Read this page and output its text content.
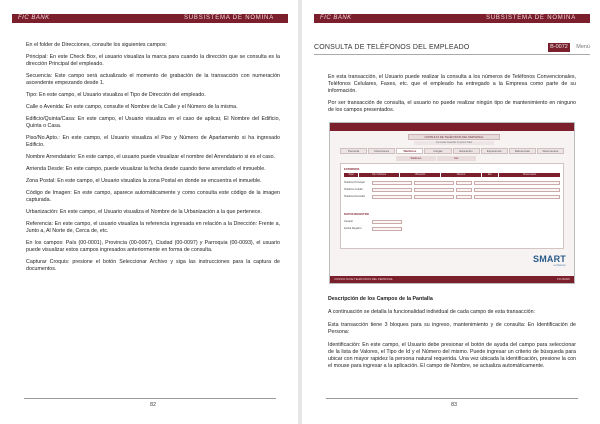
FIC BANK	SUBSISTEMA DE NÓMINA

En el folder de Direcciones, consulte los siguientes campos:

Principal: En este Check Box, el usuario visualiza la marca para cuando la dirección que se consulta es la dirección Principal del empleado.

Secuencia: Este campo será actualizado el momento de grabación de la transacción con numeración ascendente empezando desde 1.

Tipo: En este campo, el Usuario visualiza el Tipo de Dirección del empleado.

Calle o Avenida: En este campo, consulte el Nombre de la Calle y el Número de la misma.

Edificio/Quinta/Casa: En este campo, el Usuario visualiza en el caso de aplicar, El Nombre del Edificio, Quinta o Casa.

Piso/No.Apto.: En este campo, el Usuario visualiza el Piso y Número de Apartamento si ha ingresado Edificio.

Nombre Arrendatario: En este campo, el usuario puede visualizar el nombre del Arrendatario si es el caso.

Arrienda Desde: En este campo, puede visualizar la fecha desde cuando tiene arrendado el inmueble.

Zona Postal: En este campo, el Usuario visualiza la zona Postal en donde se encuentra el inmueble.

Código de Imagen: En este campo, aparece automáticamente y como consulta este código de la imagen capturada.

Urbanización: En este campo, el Usuario visualiza el Nombre de la Urbanización a la que pertenece.

Referencia: En este campo, el usuario visualiza la referencia ingresada en relación a la Dirección: Frente a, Junto a, Al Norte de, Cerca de, etc.

En los campos: País (00-0001), Provincia (00-0067), Ciudad (00-0097) y Parroquia (00-0093), el usuario puede visualizar estos campos ingresados anteriormente en forma de consulta.

Capturar Croquis: presione el botón Seleccionar Archivo y siga las instrucciones para la captura de documentos.

82
FIC BANK	SUBSISTEMA DE NÓMINA
CONSULTA DE TELÉFONOS DEL EMPLEADO	B-0072	Menú

En esta transacción, el Usuario puede realizar la consulta a los números de Teléfonos Convencionales, Teléfonos Celulares, Faxes, etc. que el empleado ha entregado a la Empresa como parte de su información.

Por ser transacción de consulta, el usuario no puede realizar ningún tipo de mantenimiento en ninguno de los campos presentados.

CONSULTA DE TELÉFONOS DEL PERSONAL
Consulta Guardar Imprimir Salir
Personal	Direcciones	Teléfonos	Cargas	Educación	Experiencia	Referencias	Documentos
Teléfonos	Fax
EXTERNOS
Ppal	Tipo Teléfono	Ubicación	Número	Ext.	Observación
Teléfono Principal
Teléfono Celular
Teléfono Domicilio
DATOS REGISTRO
Usuario
Fecha Registro
SMART
software
CONSULTA DE TELÉFONOS DEL PERSONAL	FIC BANK
Descripción de los Campos de la Pantalla

A continuación se detalla la funcionalidad individual de cada campo de esta transacción:

Esta transacción tiene 3 bloques para su ingreso, mantenimiento y de consulta: En Identificación de Persona:

Identificación: En este campo, el Usuario debe presionar el botón de ayuda del campo para seleccionar de la lista de Valores, el Tipo de Id y el Número del mismo. Puede ingresar un criterio de búsqueda para ubicar con mayor rapidez la persona natural requerida. Una vez ubicada la identificación, presione la con el mouse para ingresar a la aplicación. El campo de Nombre, se actualiza automáticamente.

83
